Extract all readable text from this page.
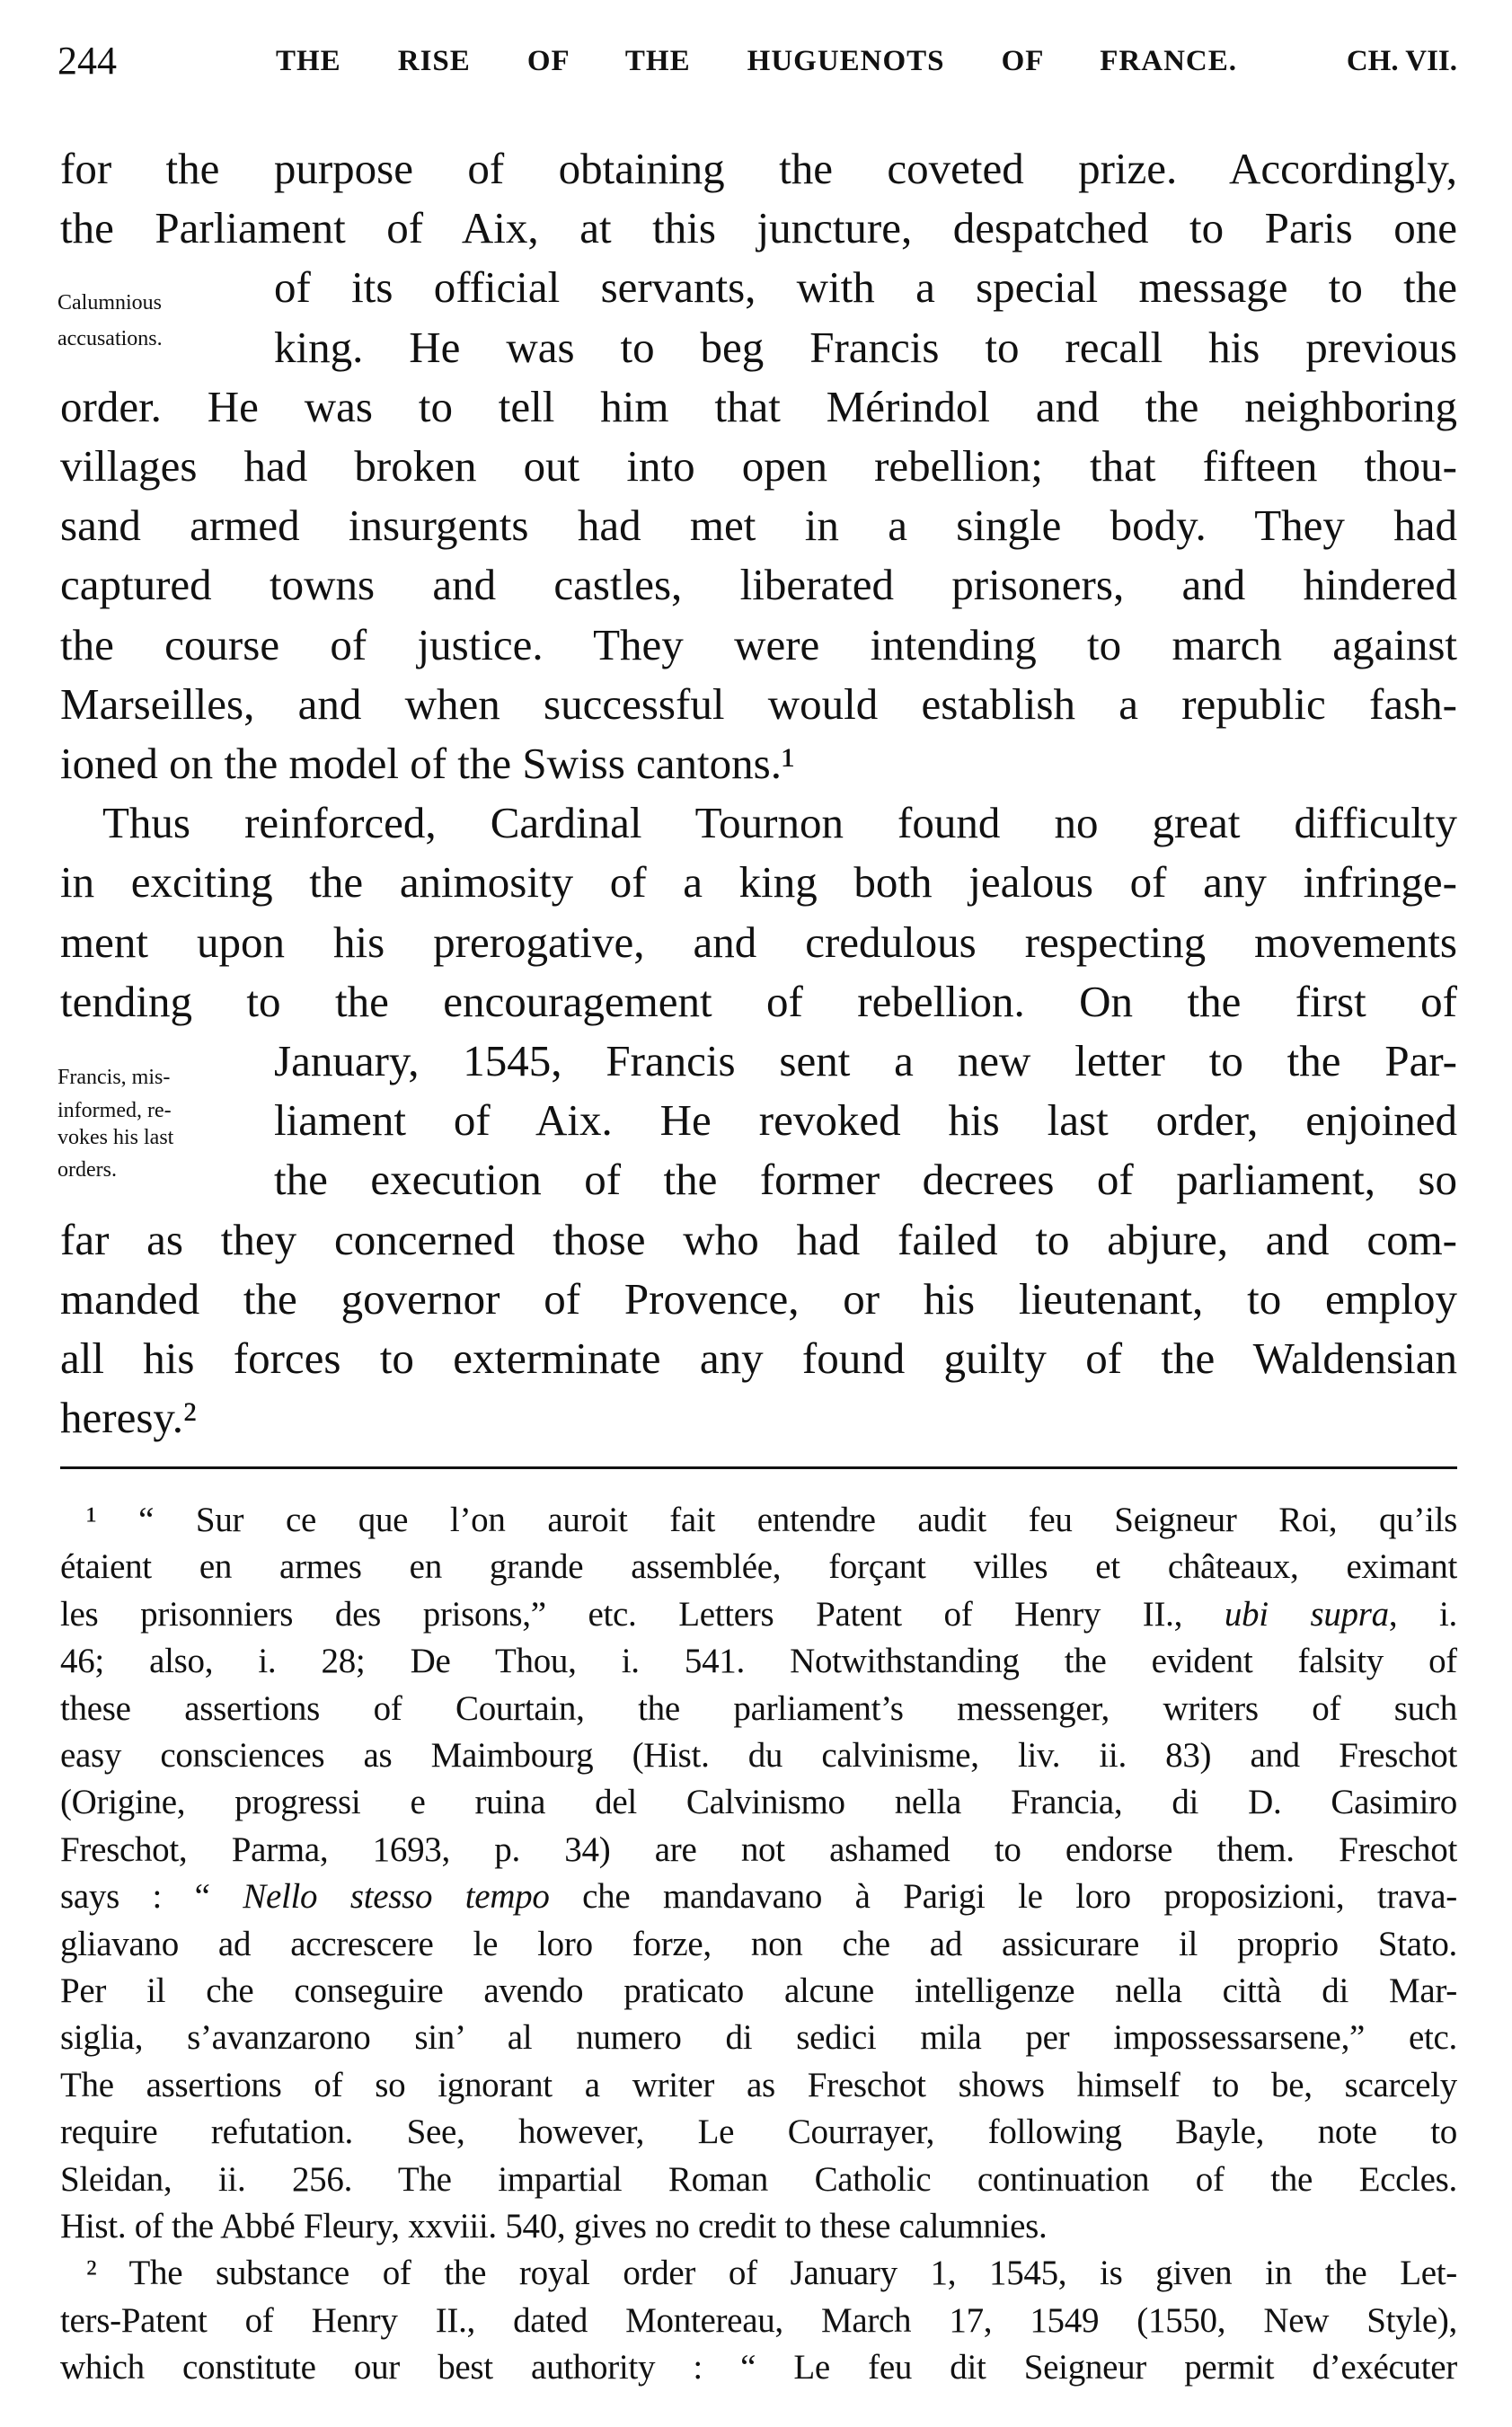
244	THE RISE OF THE HUGUENOTS OF FRANCE.	CH. VII.
for the purpose of obtaining the coveted prize. Accordingly,
the Parliament of Aix, at this juncture, despatched to Paris one
of its official servants, with a special message to the
king. He was to beg Francis to recall his previous
order. He was to tell him that Mérindol and the neighboring
villages had broken out into open rebellion; that fifteen thou-
sand armed insurgents had met in a single body. They had
captured towns and castles, liberated prisoners, and hindered
the course of justice. They were intending to march against
Marseilles, and when successful would establish a republic fash-
ioned on the model of the Swiss cantons.¹
Thus reinforced, Cardinal Tournon found no great difficulty
in exciting the animosity of a king both jealous of any infringe-
ment upon his prerogative, and credulous respecting movements
tending to the encouragement of rebellion. On the first of
January, 1545, Francis sent a new letter to the Par-
liament of Aix. He revoked his last order, enjoined
the execution of the former decrees of parliament, so
far as they concerned those who had failed to abjure, and com-
manded the governor of Provence, or his lieutenant, to employ
all his forces to exterminate any found guilty of the Waldensian
heresy.²
Calumnious
accusations.
Francis, mis-
informed, re-
vokes his last
orders.
¹ “ Sur ce que l’on auroit fait entendre audit feu Seigneur Roi, qu’ils
étaient en armes en grande assemblée, forçant villes et châteaux, eximant
les prisonniers des prisons,” etc. Letters Patent of Henry II., ubi supra, i.
46; also, i. 28; De Thou, i. 541. Notwithstanding the evident falsity of
these assertions of Courtain, the parliament’s messenger, writers of such
easy consciences as Maimbourg (Hist. du calvinisme, liv. ii. 83) and Freschot
(Origine, progressi e ruina del Calvinismo nella Francia, di D. Casimiro
Freschot, Parma, 1693, p. 34) are not ashamed to endorse them. Freschot
says : “ Nello stesso tempo che mandavano à Parigi le loro proposizioni, trava-
gliavano ad accrescere le loro forze, non che ad assicurare il proprio Stato.
Per il che conseguire avendo praticato alcune intelligenze nella città di Mar-
siglia, s’avanzarono sin’ al numero di sedici mila per impossessarsene,” etc.
The assertions of so ignorant a writer as Freschot shows himself to be, scarcely
require refutation. See, however, Le Courrayer, following Bayle, note to
Sleidan, ii. 256. The impartial Roman Catholic continuation of the Eccles.
Hist. of the Abbé Fleury, xxviii. 540, gives no credit to these calumnies.
² The substance of the royal order of January 1, 1545, is given in the Let-
ters-Patent of Henry II., dated Montereau, March 17, 1549 (1550, New Style),
which constitute our best authority : “ Le feu dit Seigneur permit d’exécuter
